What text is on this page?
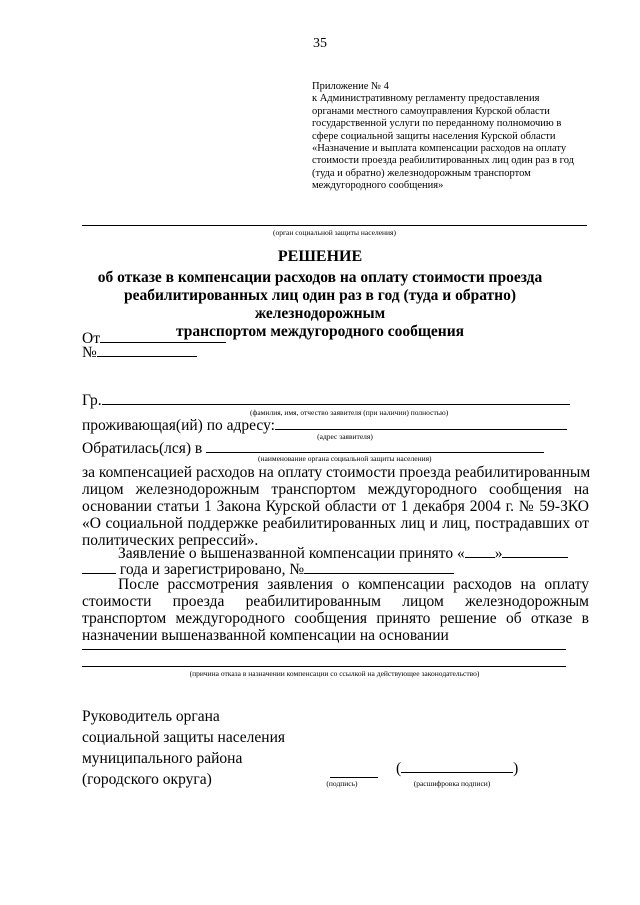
35
Приложение № 4
к Административному регламенту предоставления
органами местного самоуправления Курской области
государственной услуги по переданному полномочию в
сфере социальной защиты населения Курской области
«Назначение и выплата компенсации расходов на оплату
стоимости проезда реабилитированных лиц один раз в год
(туда и обратно) железнодорожным транспортом
междугородного сообщения»
(орган социальной защиты населения)
РЕШЕНИЕ
об отказе в компенсации расходов на оплату стоимости проезда
реабилитированных лиц один раз в год (туда и обратно) железнодорожным
транспортом междугородного сообщения
От
№
Гр.
(фамилия, имя, отчество заявителя (при наличии) полностью)
проживающая(ий) по адресу:
(адрес заявителя)
Обратилась(лся) в
(наименование органа социальной защиты населения)
за компенсацией расходов на оплату стоимости проезда реабилитированным
лицом железнодорожным транспортом междугородного сообщения на
основании статьи 1 Закона Курской области от 1 декабря 2004 г. № 59-ЗКО
«О социальной поддержке реабилитированных лиц и лиц, пострадавших от
политических репрессий».
Заявление о вышеназванной компенсации принято « »
года и зарегистрировано, №
После рассмотрения заявления о компенсации расходов на оплату
стоимости проезда реабилитированным лицом железнодорожным
транспортом междугородного сообщения принято решение об отказе в
назначении вышеназванной компенсации на основании
(причина отказа в назначении компенсации со ссылкой на действующее законодательство)
Руководитель органа
социальной защиты населения
муниципального района
(городского округа)	(подпись)
(	)
(расшифровка подписи)
